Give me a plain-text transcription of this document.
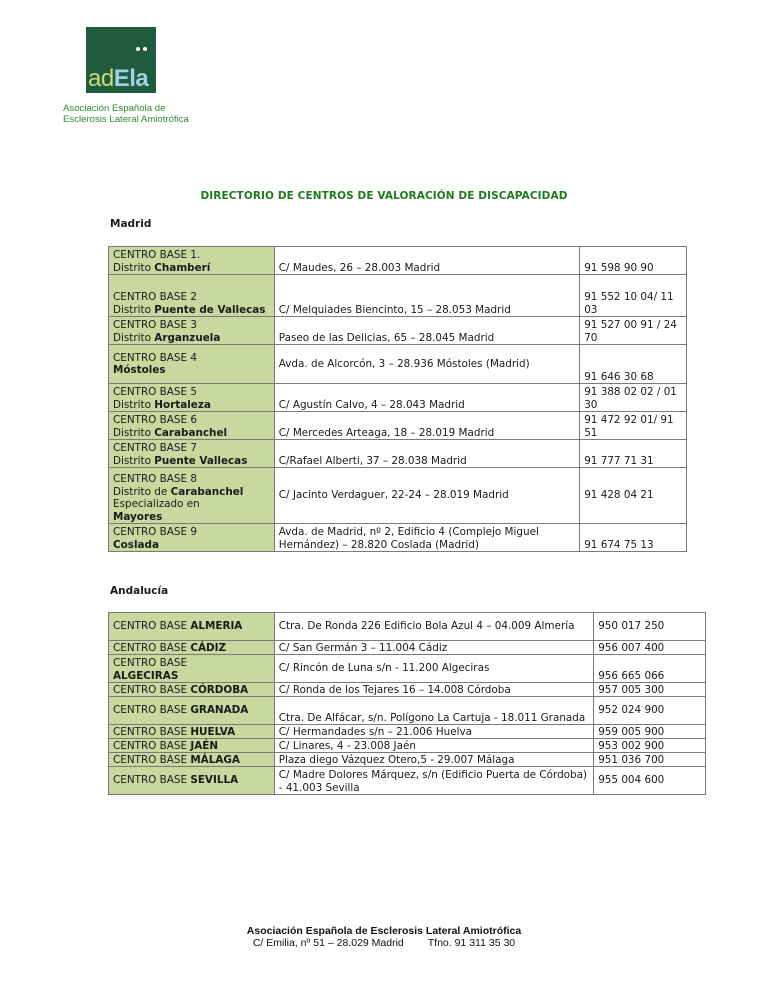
adEla
Asociación Española de
Esclerosis Lateral Amiotrófica
DIRECTORIO DE CENTROS DE VALORACIÓN DE DISCAPACIDAD
Madrid
CENTRO BASE 1.
Distrito Chamberí	C/ Maudes, 26 – 28.003 Madrid	91 598 90 90
CENTRO BASE 2
Distrito Puente de Vallecas	C/ Melquiades Biencinto, 15 – 28.053 Madrid	91 552 10 04/ 11 03
CENTRO BASE 3
Distrito Arganzuela	Paseo de las Delicias, 65 – 28.045 Madrid	91 527 00 91 / 24 70
CENTRO BASE 4
Móstoles	Avda. de Alcorcón, 3 – 28.936 Móstoles (Madrid)	91 646 30 68
CENTRO BASE 5
Distrito Hortaleza	C/ Agustín Calvo, 4 – 28.043 Madrid	91 388 02 02 / 01 30
CENTRO BASE 6
Distrito Carabanchel	C/ Mercedes Arteaga, 18 – 28.019 Madrid	91 472 92 01/ 91 51
CENTRO BASE 7
Distrito Puente Vallecas	C/Rafael Alberti, 37 – 28.038 Madrid	91 777 71 31
CENTRO BASE 8
Distrito de Carabanchel
Especializado en
Mayores	C/ Jacinto Verdaguer, 22-24 – 28.019 Madrid	91 428 04 21
CENTRO BASE 9
Coslada	Avda. de Madrid, nº 2, Edificio 4 (Complejo Miguel Hernández) – 28.820 Coslada (Madrid)	91 674 75 13
Andalucía
CENTRO BASE ALMERIA	Ctra. De Ronda 226 Edificio Bola Azul 4 – 04.009 Almería	950 017 250
CENTRO BASE CÁDIZ	C/ San Germán 3 – 11.004 Cádiz	956 007 400
CENTRO BASE
ALGECIRAS	C/ Rincón de Luna s/n - 11.200 Algeciras	956 665 066
CENTRO BASE CÓRDOBA	C/ Ronda de los Tejares 16 – 14.008 Córdoba	957 005 300
CENTRO BASE GRANADA	Ctra. De Alfácar, s/n. Polígono La Cartuja - 18.011 Granada	952 024 900
CENTRO BASE HUELVA	C/ Hermandades s/n – 21.006 Huelva	959 005 900
CENTRO BASE JAÉN	C/ Linares, 4 - 23.008 Jaén	953 002 900
CENTRO BASE MÁLAGA	Plaza diego Vázquez Otero,5 - 29.007 Málaga	951 036 700
CENTRO BASE SEVILLA	C/ Madre Dolores Márquez, s/n (Edificio Puerta de Córdoba) - 41.003 Sevilla	955 004 600
Asociación Española de Esclerosis Lateral Amiotrófica
C/ Emilia, nº 51 – 28.029 Madrid Tfno. 91 311 35 30
